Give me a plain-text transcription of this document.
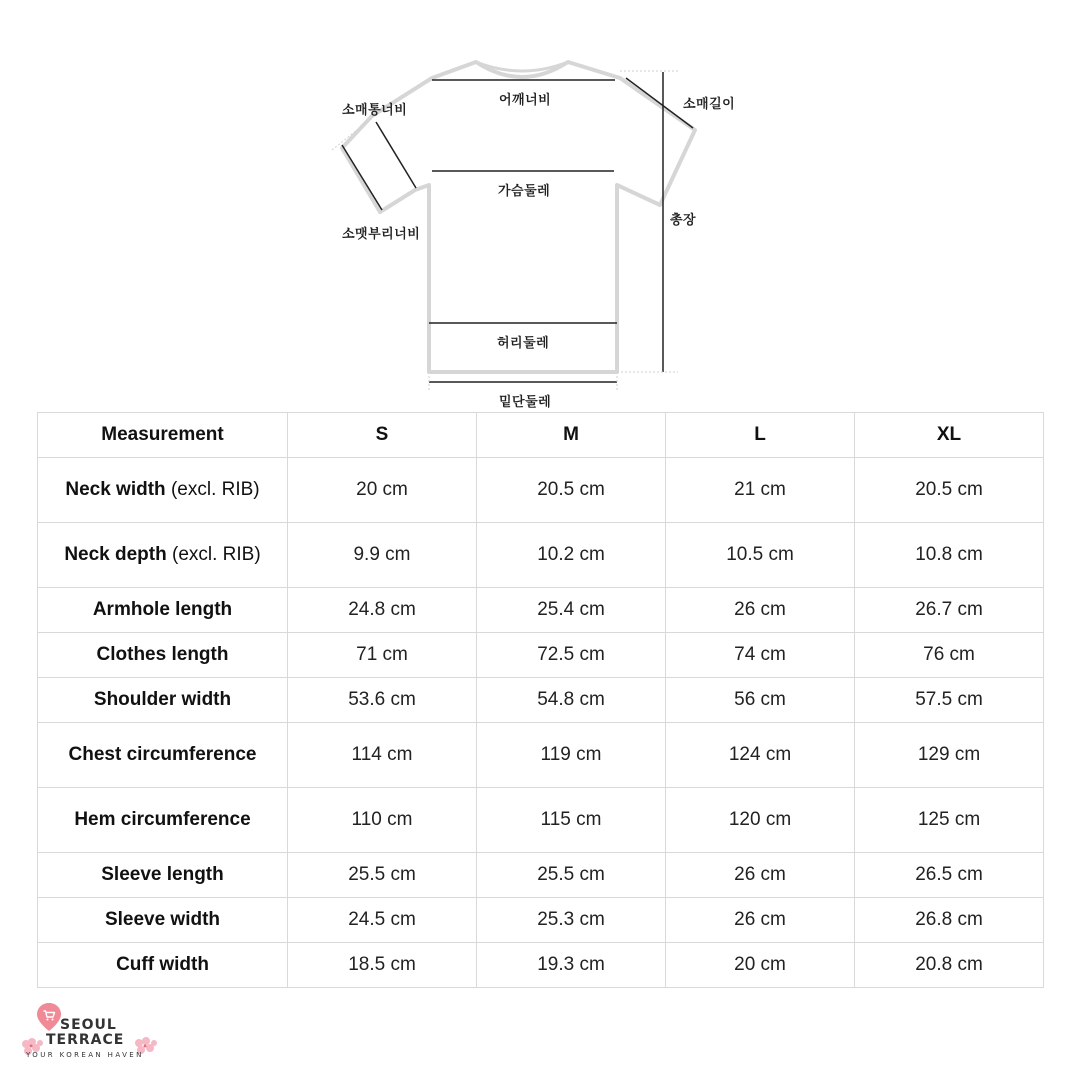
소매통너비
어깨너비	소매길이
가슴둘레
총장
소맷부리너비
허리둘레
밑단둘레
Measurement	S	M	L	XL
Neck width (excl. RIB)	20 cm	20.5 cm	21 cm	20.5 cm
Neck depth (excl. RIB)	9.9 cm	10.2 cm	10.5 cm	10.8 cm
Armhole length	24.8 cm	25.4 cm	26 cm	26.7 cm
Clothes length	71 cm	72.5 cm	74 cm	76 cm
Shoulder width	53.6 cm	54.8 cm	56 cm	57.5 cm
Chest circumference	114 cm	119 cm	124 cm	129 cm
Hem circumference	110 cm	115 cm	120 cm	125 cm
Sleeve length	25.5 cm	25.5 cm	26 cm	26.5 cm
Sleeve width	24.5 cm	25.3 cm	26 cm	26.8 cm
Cuff width	18.5 cm	19.3 cm	20 cm	20.8 cm
SEOUL
TERRACE
YOUR KOREAN HAVEN
